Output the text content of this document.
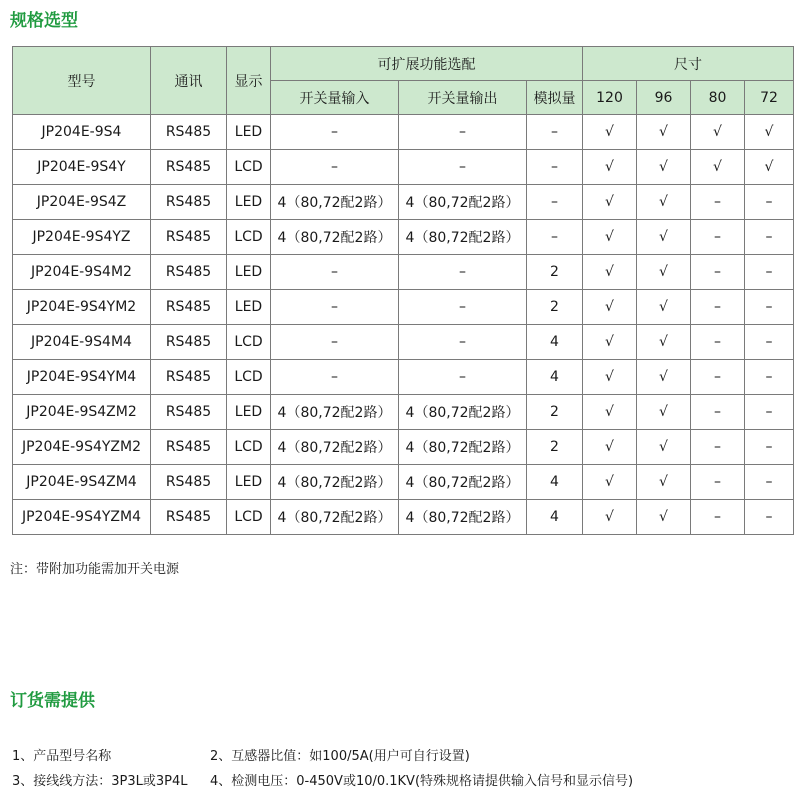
规格选型
型号	通讯	显示	可扩展功能选配			尺寸			
			开关量输入	开关量输出	模拟量	120	96	80	72
JP204E-9S4	RS485	LED	–	–	–	√	√	√	√
JP204E-9S4Y	RS485	LCD	–	–	–	√	√	√	√
JP204E-9S4Z	RS485	LED	4（80,72配2路）	4（80,72配2路）	–	√	√	–	–
JP204E-9S4YZ	RS485	LCD	4（80,72配2路）	4（80,72配2路）	–	√	√	–	–
JP204E-9S4M2	RS485	LED	–	–	2	√	√	–	–
JP204E-9S4YM2	RS485	LED	–	–	2	√	√	–	–
JP204E-9S4M4	RS485	LCD	–	–	4	√	√	–	–
JP204E-9S4YM4	RS485	LCD	–	–	4	√	√	–	–
JP204E-9S4ZM2	RS485	LED	4（80,72配2路）	4（80,72配2路）	2	√	√	–	–
JP204E-9S4YZM2	RS485	LCD	4（80,72配2路）	4（80,72配2路）	2	√	√	–	–
JP204E-9S4ZM4	RS485	LED	4（80,72配2路）	4（80,72配2路）	4	√	√	–	–
JP204E-9S4YZM4	RS485	LCD	4（80,72配2路）	4（80,72配2路）	4	√	√	–	–
注：带附加功能需加开关电源
订货需提供
1、产品型号名称	2、互感器比值：如100/5A(用户可自行设置)
3、接线线方法：3P3L或3P4L 4、检测电压：0-450V或10/0.1KV(特殊规格请提供输入信号和显示信号)
